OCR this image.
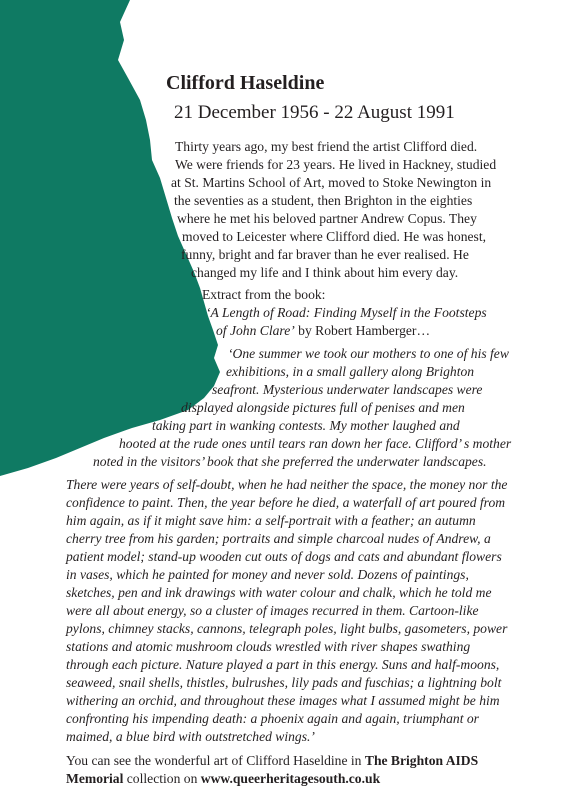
Clifford Haseldine
21 December 1956 - 22 August 1991
Thirty years ago, my best friend the artist Clifford died.
We were friends for 23 years. He lived in Hackney, studied
at St. Martins School of Art, moved to Stoke Newington in
the seventies as a student, then Brighton in the eighties
where he met his beloved partner Andrew Copus. They
moved to Leicester where Clifford died. He was honest,
funny, bright and far braver than he ever realised. He
changed my life and I think about him every day.
Extract from the book:
‘A Length of Road: Finding Myself in the Footsteps
of John Clare’ by Robert Hamberger…
‘One summer we took our mothers to one of his few
exhibitions, in a small gallery along Brighton
seafront. Mysterious underwater landscapes were
displayed alongside pictures full of penises and men
taking part in wanking contests. My mother laughed and
hooted at the rude ones until tears ran down her face. Clifford’ s mother
noted in the visitors’ book that she preferred the underwater landscapes.
There were years of self-doubt, when he had neither the space, the money nor the
confidence to paint. Then, the year before he died, a waterfall of art poured from
him again, as if it might save him: a self-portrait with a feather; an autumn
cherry tree from his garden; portraits and simple charcoal nudes of Andrew, a
patient model; stand-up wooden cut outs of dogs and cats and abundant flowers
in vases, which he painted for money and never sold. Dozens of paintings,
sketches, pen and ink drawings with water colour and chalk, which he told me
were all about energy, so a cluster of images recurred in them. Cartoon-like
pylons, chimney stacks, cannons, telegraph poles, light bulbs, gasometers, power
stations and atomic mushroom clouds wrestled with river shapes swathing
through each picture. Nature played a part in this energy. Suns and half-moons,
seaweed, snail shells, thistles, bulrushes, lily pads and fuschias; a lightning bolt
withering an orchid, and throughout these images what I assumed might be him
confronting his impending death: a phoenix again and again, triumphant or
maimed, a blue bird with outstretched wings.’
You can see the wonderful art of Clifford Haseldine in The Brighton AIDS Memorial collection on www.queerheritagesouth.co.uk
